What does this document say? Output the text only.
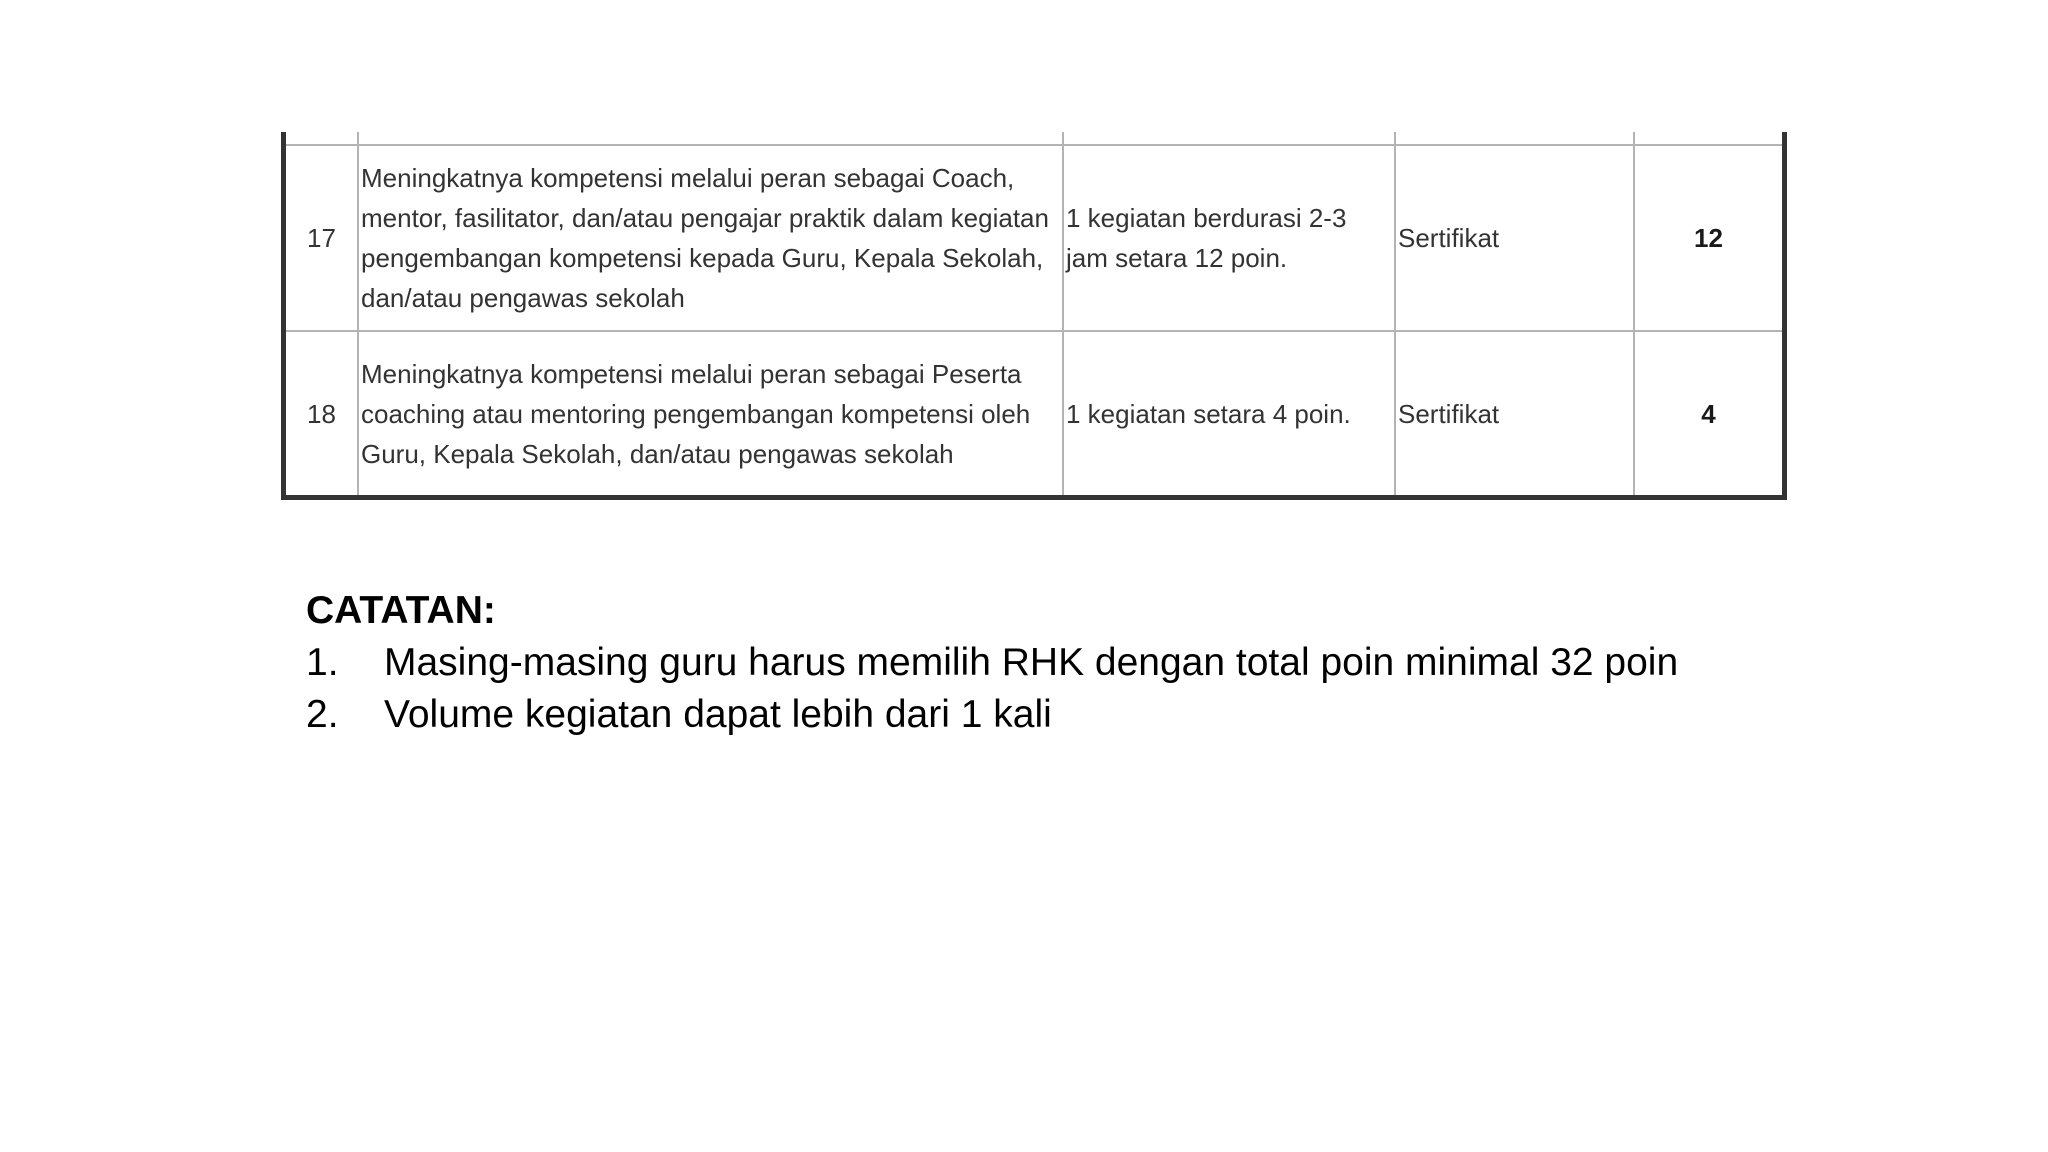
17	Meningkatnya kompetensi melalui peran sebagai Coach, mentor, fasilitator, dan/atau pengajar praktik dalam kegiatan pengembangan kompetensi kepada Guru, Kepala Sekolah, dan/atau pengawas sekolah	1 kegiatan berdurasi 2-3 jam setara 12 poin.	Sertifikat	12
18	Meningkatnya kompetensi melalui peran sebagai Peserta coaching atau mentoring pengembangan kompetensi oleh Guru, Kepala Sekolah, dan/atau pengawas sekolah	1 kegiatan setara 4 poin.	Sertifikat	4
CATATAN:
1. Masing-masing guru harus memilih RHK dengan total poin minimal 32 poin
2. Volume kegiatan dapat lebih dari 1 kali
